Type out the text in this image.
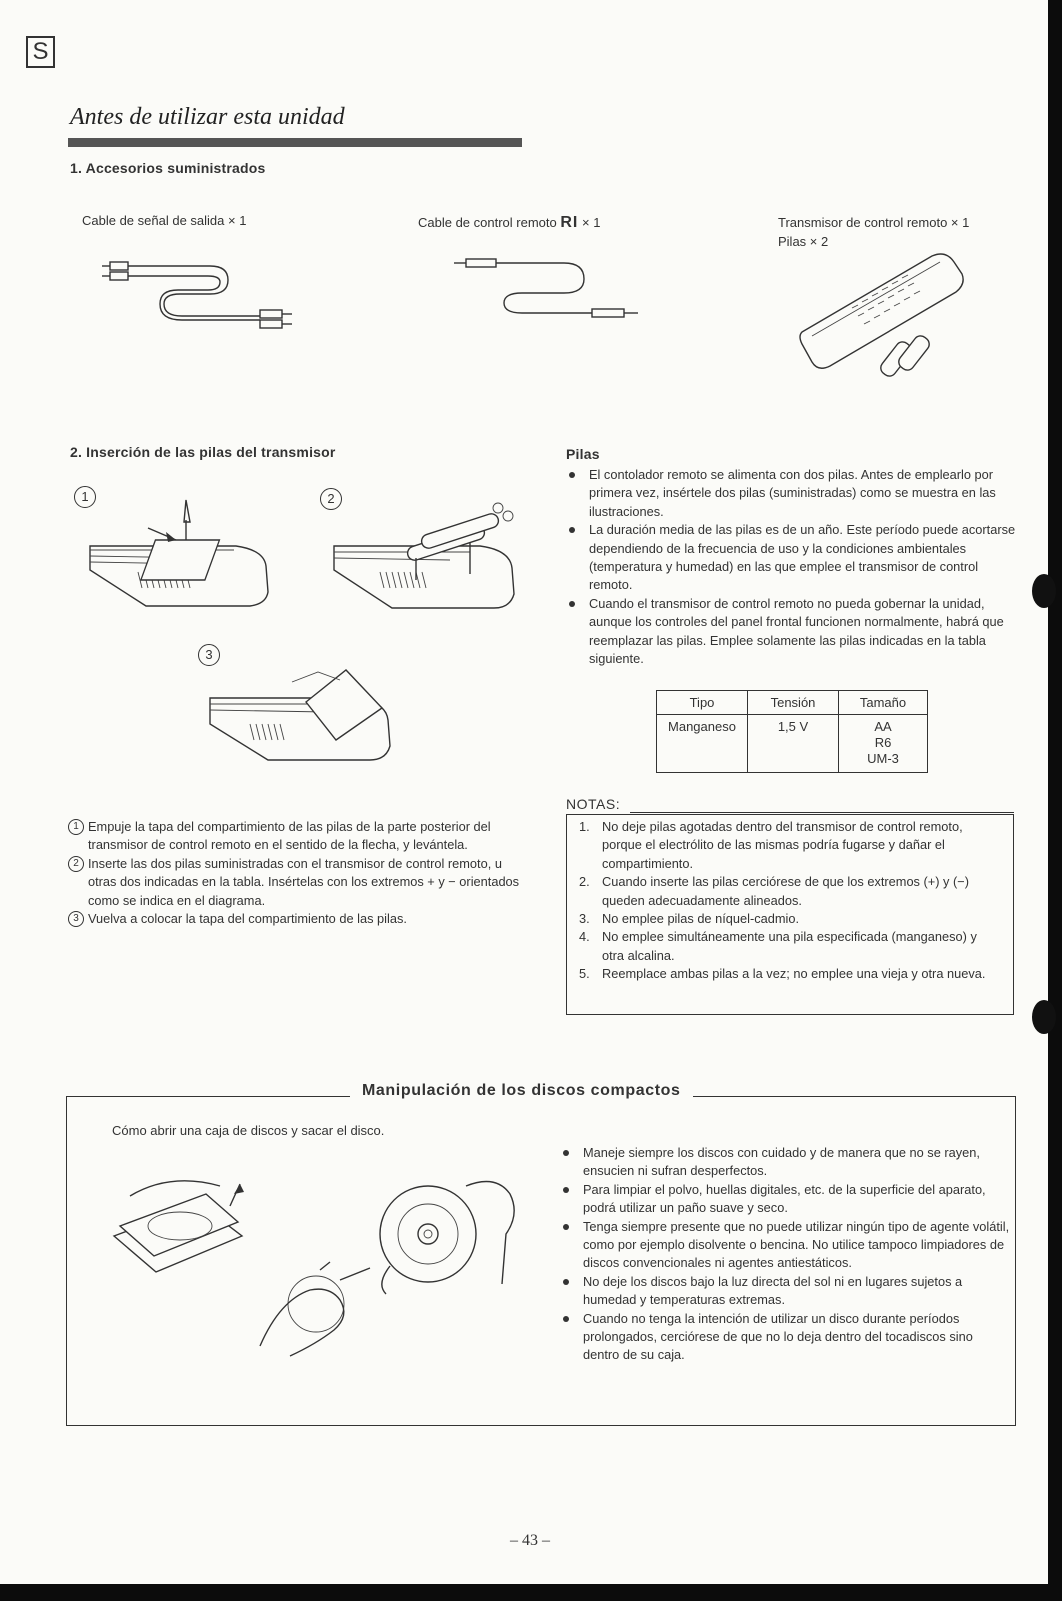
S
Antes de utilizar esta unidad
1. Accesorios suministrados
Cable de señal de salida × 1	Cable de control remoto RI × 1	Transmisor de control remoto × 1
Pilas × 2
2. Inserción de las pilas del transmisor
1	2
3
1 Empuje la tapa del compartimiento de las pilas de la parte posterior del transmisor de control remoto en el sentido de la flecha, y levántela.
2 Inserte las dos pilas suministradas con el transmisor de control remoto, u otras dos indicadas en la tabla. Insértelas con los extremos + y − orientados como se indica en el diagrama.
3 Vuelva a colocar la tapa del compartimiento de las pilas.
Pilas
El contolador remoto se alimenta con dos pilas. Antes de emplearlo por primera vez, insértele dos pilas (suministradas) como se muestra en las ilustraciones.
La duración media de las pilas es de un año. Este período puede acortarse dependiendo de la frecuencia de uso y la condiciones ambientales (temperatura y humedad) en las que emplee el transmisor de control remoto.
Cuando el transmisor de control remoto no pueda gobernar la unidad, aunque los controles del panel frontal funcionen normalmente, habrá que reemplazar las pilas. Emplee solamente las pilas indicadas en la tabla siguiente.
Tipo	Tensión	Tamaño
Manganeso	1,5 V	AA
R6
UM-3
NOTAS:
1. No deje pilas agotadas dentro del transmisor de control remoto, porque el electrólito de las mismas podría fugarse y dañar el compartimiento.
2. Cuando inserte las pilas cerciórese de que los extremos (+) y (−) queden adecuadamente alineados.
3. No emplee pilas de níquel-cadmio.
4. No emplee simultáneamente una pila especificada (manganeso) y otra alcalina.
5. Reemplace ambas pilas a la vez; no emplee una vieja y otra nueva.
Manipulación de los discos compactos
Cómo abrir una caja de discos y sacar el disco.
Maneje siempre los discos con cuidado y de manera que no se rayen, ensucien ni sufran desperfectos.
Para limpiar el polvo, huellas digitales, etc. de la superficie del aparato, podrá utilizar un paño suave y seco.
Tenga siempre presente que no puede utilizar ningún tipo de agente volátil, como por ejemplo disolvente o bencina. No utilice tampoco limpiadores de discos convencionales ni agentes antiestáticos.
No deje los discos bajo la luz directa del sol ni en lugares sujetos a humedad y temperaturas extremas.
Cuando no tenga la intención de utilizar un disco durante períodos prolongados, cerciórese de que no lo deja dentro del tocadiscos sino dentro de su caja.
– 43 –
